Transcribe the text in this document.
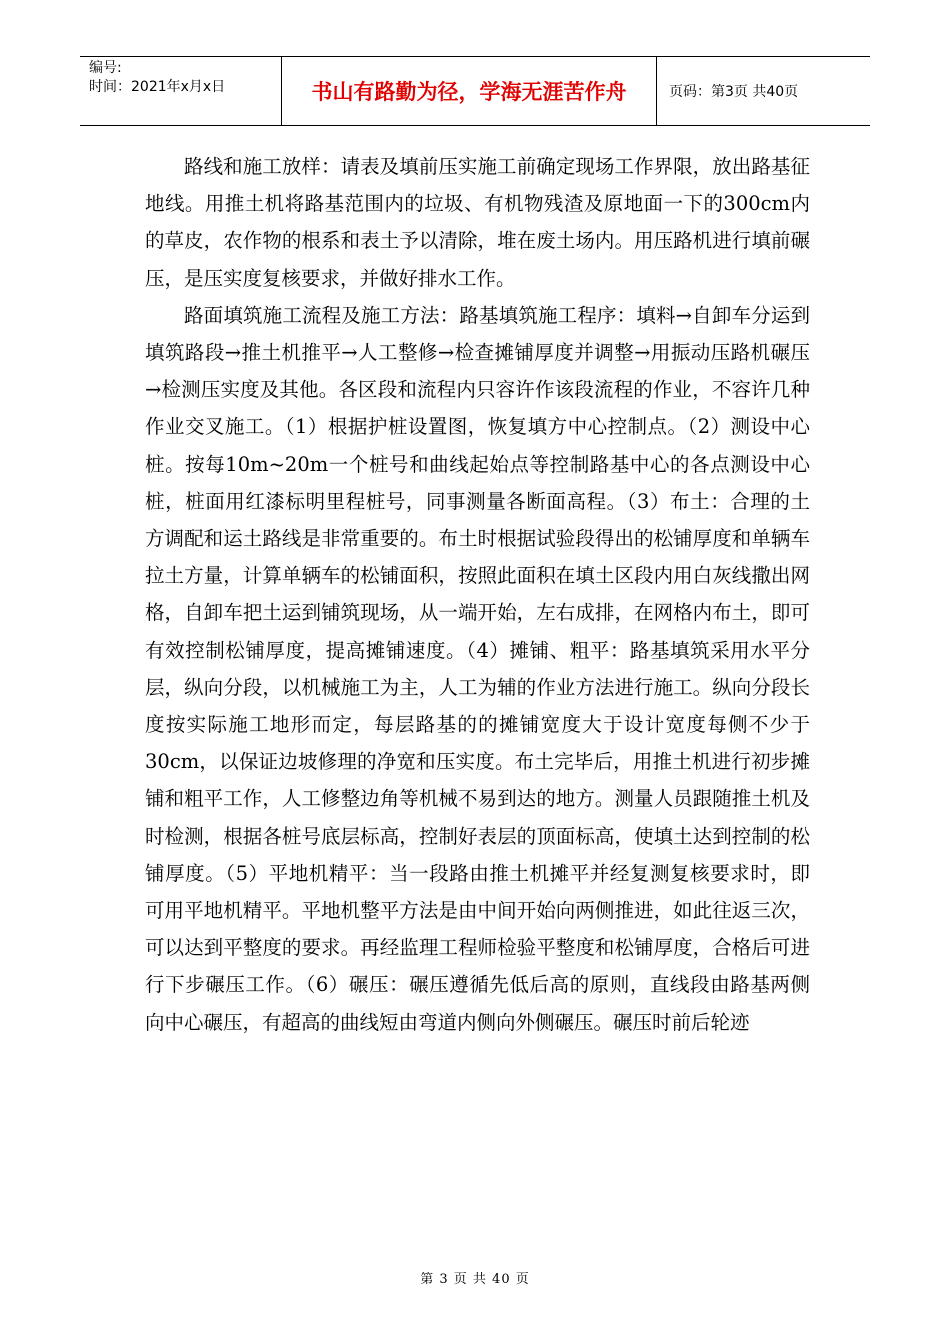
编号:
时间：2021年x月x日	书山有路勤为径，学海无涯苦作舟	页码：第3页 共40页

路线和施工放样：请表及填前压实施工前确定现场工作界限，放出路基征地线。用推土机将路基范围内的垃圾、有机物残渣及原地面一下的300cm内的草皮，农作物的根系和表土予以清除，堆在废土场内。用压路机进行填前碾压，是压实度复核要求，并做好排水工作。

路面填筑施工流程及施工方法：路基填筑施工程序：填料→自卸车分运到填筑路段→推土机推平→人工整修→检查摊铺厚度并调整→用振动压路机碾压→检测压实度及其他。各区段和流程内只容许作该段流程的作业，不容许几种作业交叉施工。（1）根据护桩设置图，恢复填方中心控制点。（2）测设中心桩。按每10m~20m一个桩号和曲线起始点等控制路基中心的各点测设中心桩，桩面用红漆标明里程桩号，同事测量各断面高程。（3）布土：合理的土方调配和运土路线是非常重要的。布土时根据试验段得出的松铺厚度和单辆车拉土方量，计算单辆车的松铺面积，按照此面积在填土区段内用白灰线撒出网格，自卸车把土运到铺筑现场，从一端开始，左右成排，在网格内布土，即可有效控制松铺厚度，提高摊铺速度。（4）摊铺、粗平：路基填筑采用水平分层，纵向分段，以机械施工为主，人工为辅的作业方法进行施工。纵向分段长度按实际施工地形而定，每层路基的的摊铺宽度大于设计宽度每侧不少于30cm，以保证边坡修理的净宽和压实度。布土完毕后，用推土机进行初步摊铺和粗平工作，人工修整边角等机械不易到达的地方。测量人员跟随推土机及时检测，根据各桩号底层标高，控制好表层的顶面标高，使填土达到控制的松铺厚度。（5）平地机精平：当一段路由推土机摊平并经复测复核要求时，即可用平地机精平。平地机整平方法是由中间开始向两侧推进，如此往返三次，可以达到平整度的要求。再经监理工程师检验平整度和松铺厚度，合格后可进行下步碾压工作。（6）碾压：碾压遵循先低后高的原则，直线段由路基两侧向中心碾压，有超高的曲线短由弯道内侧向外侧碾压。碾压时前后轮迹

第 3 页 共 40 页
